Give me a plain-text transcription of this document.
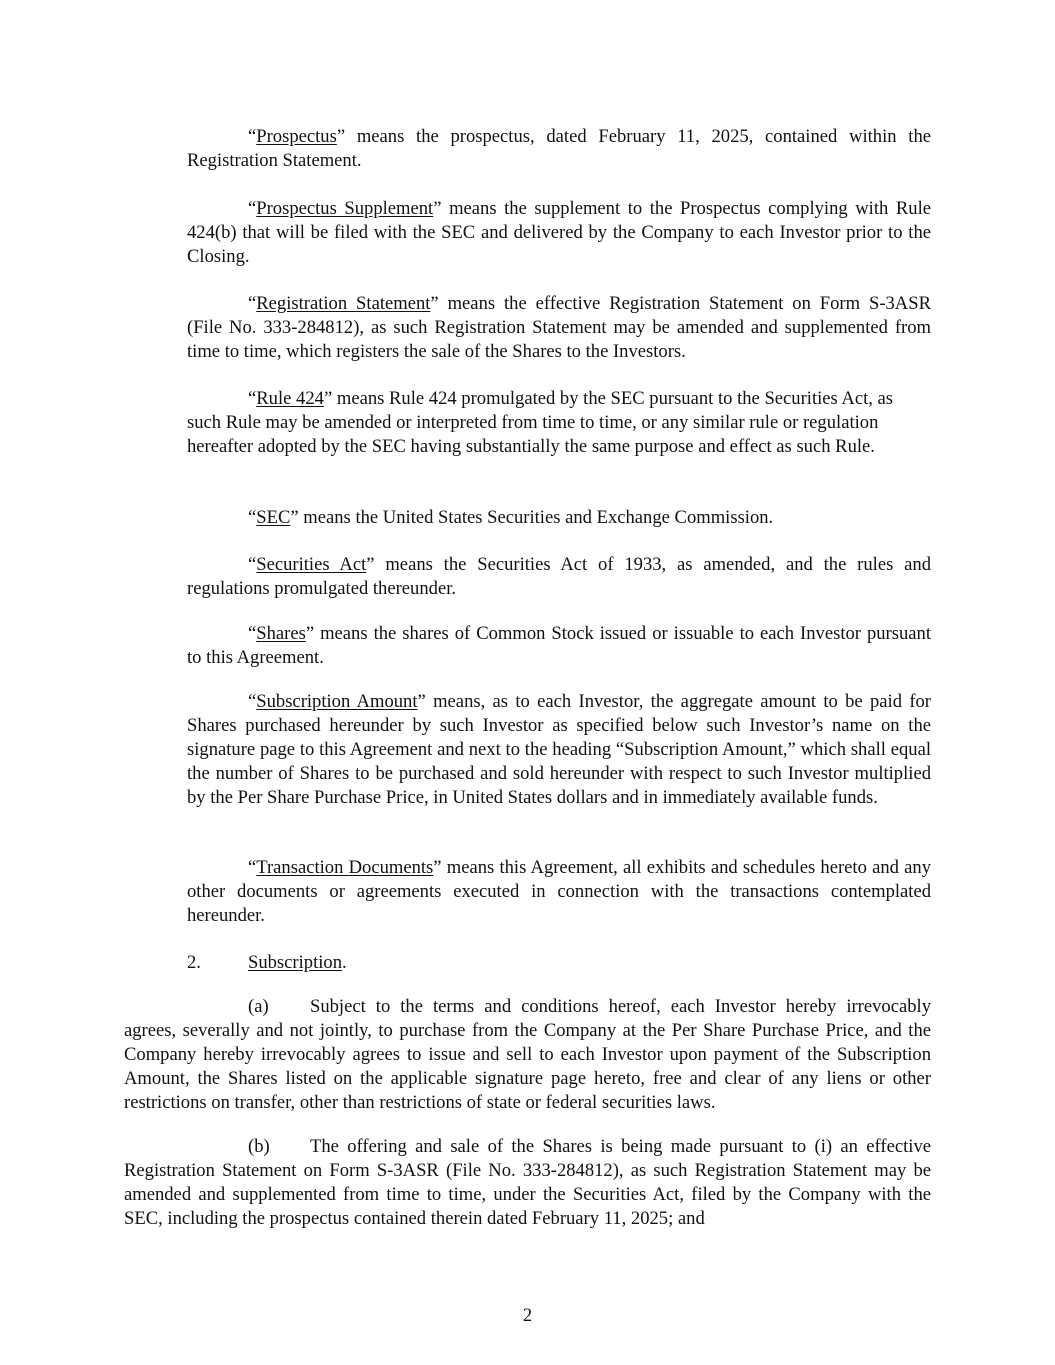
“Prospectus” means the prospectus, dated February 11, 2025, contained within the Registration Statement.

“Prospectus Supplement” means the supplement to the Prospectus complying with Rule 424(b) that will be filed with the SEC and delivered by the Company to each Investor prior to the Closing.

“Registration Statement” means the effective Registration Statement on Form S-3ASR (File No. 333-284812), as such Registration Statement may be amended and supplemented from time to time, which registers the sale of the Shares to the Investors.

“Rule 424” means Rule 424 promulgated by the SEC pursuant to the Securities Act, as such Rule may be amended or interpreted from time to time, or any similar rule or regulation hereafter adopted by the SEC having substantially the same purpose and effect as such Rule.

“SEC” means the United States Securities and Exchange Commission.

“Securities Act” means the Securities Act of 1933, as amended, and the rules and regulations promulgated thereunder.

“Shares” means the shares of Common Stock issued or issuable to each Investor pursuant to this Agreement.

“Subscription Amount” means, as to each Investor, the aggregate amount to be paid for Shares purchased hereunder by such Investor as specified below such Investor’s name on the signature page to this Agreement and next to the heading “Subscription Amount,” which shall equal the number of Shares to be purchased and sold hereunder with respect to such Investor multiplied by the Per Share Purchase Price, in United States dollars and in immediately available funds.

“Transaction Documents” means this Agreement, all exhibits and schedules hereto and any other documents or agreements executed in connection with the transactions contemplated hereunder.

2.	Subscription.

(a) Subject to the terms and conditions hereof, each Investor hereby irrevocably agrees, severally and not jointly, to purchase from the Company at the Per Share Purchase Price, and the Company hereby irrevocably agrees to issue and sell to each Investor upon payment of the Subscription Amount, the Shares listed on the applicable signature page hereto, free and clear of any liens or other restrictions on transfer, other than restrictions of state or federal securities laws.

(b) The offering and sale of the Shares is being made pursuant to (i) an effective Registration Statement on Form S-3ASR (File No. 333-284812), as such Registration Statement may be amended and supplemented from time to time, under the Securities Act, filed by the Company with the SEC, including the prospectus contained therein dated February 11, 2025; and

2
